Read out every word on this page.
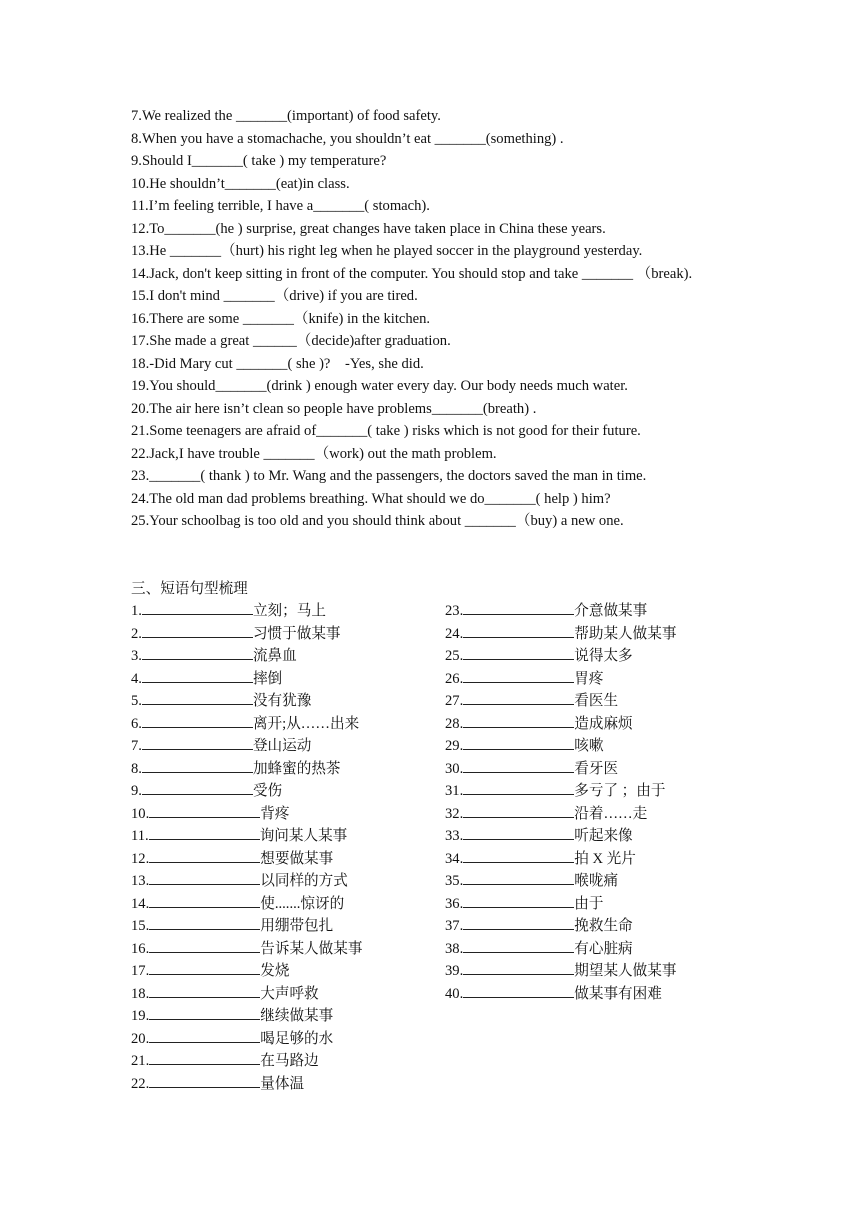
7.We realized the _______(important) of food safety.

8.When you have a stomachache, you shouldn’t eat _______(something) .

9.Should I_______( take ) my temperature?

10.He shouldn’t_______(eat)in class.

11.I’m feeling terrible, I have a_______( stomach).

12.To_______(he ) surprise, great changes have taken place in China these years.

13.He _______（hurt) his right leg when he played soccer in the playground yesterday.

14.Jack, don't keep sitting in front of the computer. You should stop and take _______ （break).

15.I don't mind _______（drive) if you are tired.

16.There are some _______（knife) in the kitchen.

17.She made a great ______（decide)after graduation.

18.-Did Mary cut _______( she )?    -Yes, she did.

19.You should_______(drink ) enough water every day. Our body needs much water.

20.The air here isn’t clean so people have problems_______(breath) .

21.Some teenagers are afraid of_______( take ) risks which is not good for their future.

22.Jack,I have trouble _______（work) out the math problem.

23._______( thank ) to Mr. Wang and the passengers, the doctors saved the man in time.

24.The old man dad problems breathing. What should we do_______( help ) him?

25.Your schoolbag is too old and you should think about _______（buy) a new one.

三、短语句型梳理
1.	立刻；马上
2.	习惯于做某事
3.	流鼻血
4.	摔倒
5.	没有犹豫
6.	离开;从……出来
7.	登山运动
8.	加蜂蜜的热茶
9.	受伤
10.	背疼
11.	询问某人某事
12.	想要做某事
13.	以同样的方式
14.	使.......惊讶的
15.	用绷带包扎
16.	告诉某人做某事
17.	发烧
18.	大声呼救
19.	继续做某事
20.	喝足够的水
21.	在马路边
22.	量体温
23.	介意做某事
24.	帮助某人做某事
25.	说得太多
26.	胃疼
27.	看医生
28.	造成麻烦
29.	咳嗽
30.	看牙医
31.	多亏了 ；由于
32.	沿着……走
33.	听起来像
34.	拍 X 光片
35.	喉咙痛
36.	由于
37.	挽救生命
38.	有心脏病
39.	期望某人做某事
40.	做某事有困难
